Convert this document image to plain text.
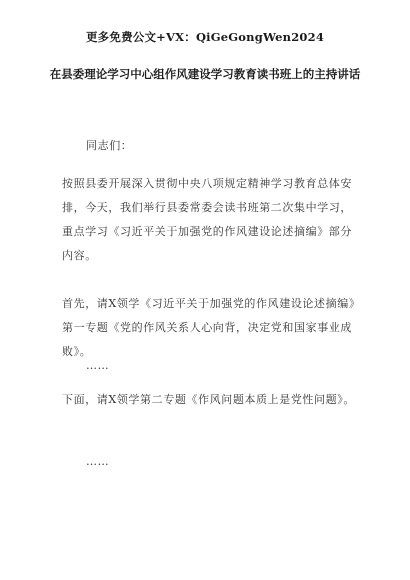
更多免费公文+VX：QiGeGongWen2024
在县委理论学习中心组作风建设学习教育读书班上的主持讲话
同志们：
按照县委开展深入贯彻中央八项规定精神学习教育总体安排，今天，我们举行县委常委会读书班第二次集中学习，重点学习《习近平关于加强党的作风建设论述摘编》部分内容。
首先，请X领学《习近平关于加强党的作风建设论述摘编》第一专题《党的作风关系人心向背，决定党和国家事业成败》。
……
下面，请X领学第二专题《作风问题本质上是党性问题》。
……
